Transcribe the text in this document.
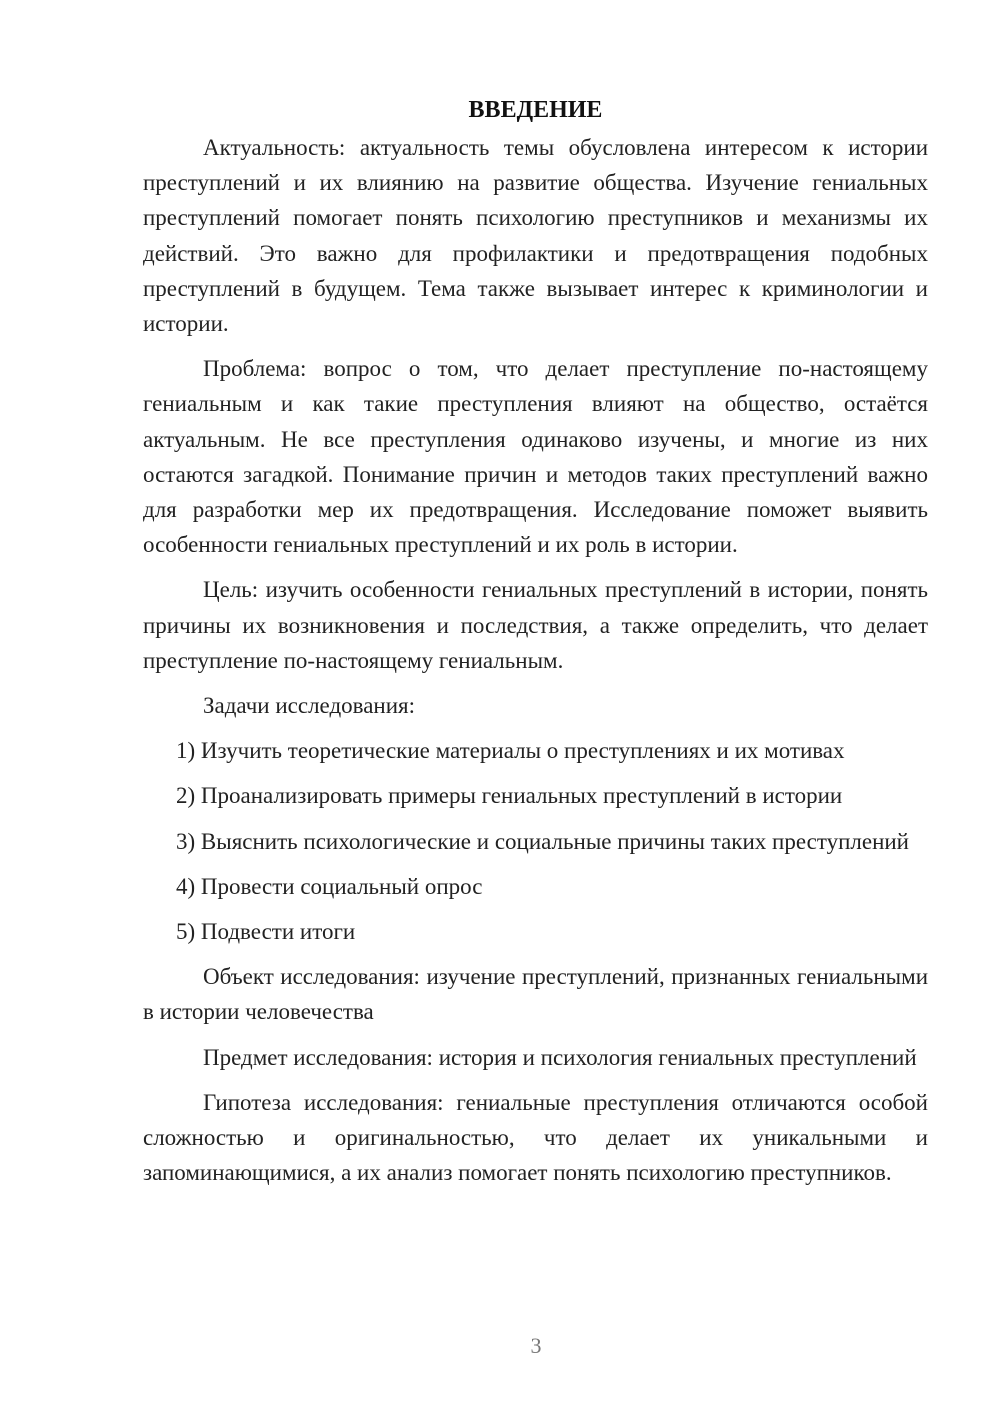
ВВЕДЕНИЕ

Актуальность: актуальность темы обусловлена интересом к истории преступлений и их влиянию на развитие общества. Изучение гениальных преступлений помогает понять психологию преступников и механизмы их действий. Это важно для профилактики и предотвращения подобных преступлений в будущем. Тема также вызывает интерес к криминологии и истории.

Проблема: вопрос о том, что делает преступление по-настоящему гениальным и как такие преступления влияют на общество, остаётся актуальным. Не все преступления одинаково изучены, и многие из них остаются загадкой. Понимание причин и методов таких преступлений важно для разработки мер их предотвращения. Исследование поможет выявить особенности гениальных преступлений и их роль в истории.

Цель: изучить особенности гениальных преступлений в истории, понять причины их возникновения и последствия, а также определить, что делает преступление по-настоящему гениальным.

Задачи исследования:

1) Изучить теоретические материалы о преступлениях и их мотивах

2) Проанализировать примеры гениальных преступлений в истории

3) Выяснить психологические и социальные причины таких преступлений

4) Провести социальный опрос

5) Подвести итоги

Объект исследования: изучение преступлений, признанных гениальными в истории человечества

Предмет исследования: история и психология гениальных преступлений

Гипотеза исследования: гениальные преступления отличаются особой сложностью и оригинальностью, что делает их уникальными и запоминающимися, а их анализ помогает понять психологию преступников.

3
